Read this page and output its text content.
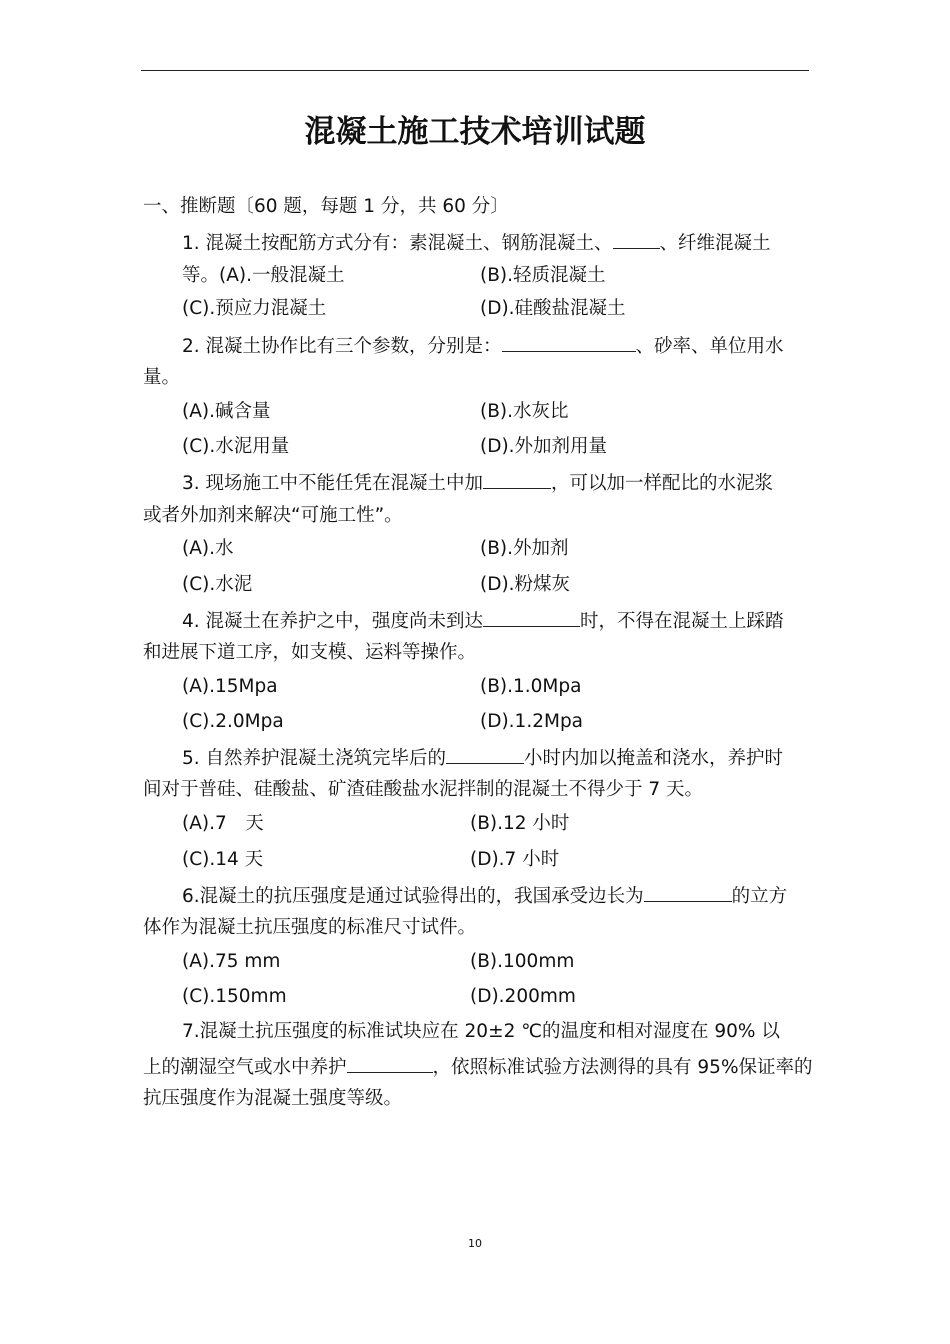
混凝土施工技术培训试题
一、推断题〔60 题，每题 1 分，共 60 分〕
1. 混凝土按配筋方式分有：素混凝土、钢筋混凝土、	、纤维混凝土
等。(A).一般混凝土	(B).轻质混凝土
(C).预应力混凝土	(D).硅酸盐混凝土
2. 混凝土协作比有三个参数，分别是：	、砂率、单位用水
量。
(A).碱含量	(B).水灰比
(C).水泥用量	(D).外加剂用量
3. 现场施工中不能任凭在混凝土中加	，可以加一样配比的水泥浆
或者外加剂来解决“可施工性”。
(A).水	(B).外加剂
(C).水泥	(D).粉煤灰
4. 混凝土在养护之中，强度尚未到达	时，不得在混凝土上踩踏
和进展下道工序，如支模、运料等操作。
(A).15Mpa	(B).1.0Mpa
(C).2.0Mpa	(D).1.2Mpa
5. 自然养护混凝土浇筑完毕后的	小时内加以掩盖和浇水，养护时
间对于普硅、硅酸盐、矿渣硅酸盐水泥拌制的混凝土不得少于 7 天。
(A).7　天	(B).12 小时
(C).14 天	(D).7 小时
6.混凝土的抗压强度是通过试验得出的，我国承受边长为	的立方
体作为混凝土抗压强度的标准尺寸试件。
(A).75 mm	(B).100mm
(C).150mm	(D).200mm
7.混凝土抗压强度的标准试块应在 20±2 ℃的温度和相对湿度在 90% 以
上的潮湿空气或水中养护	，依照标准试验方法测得的具有 95%保证率的
抗压强度作为混凝土强度等级。
10
